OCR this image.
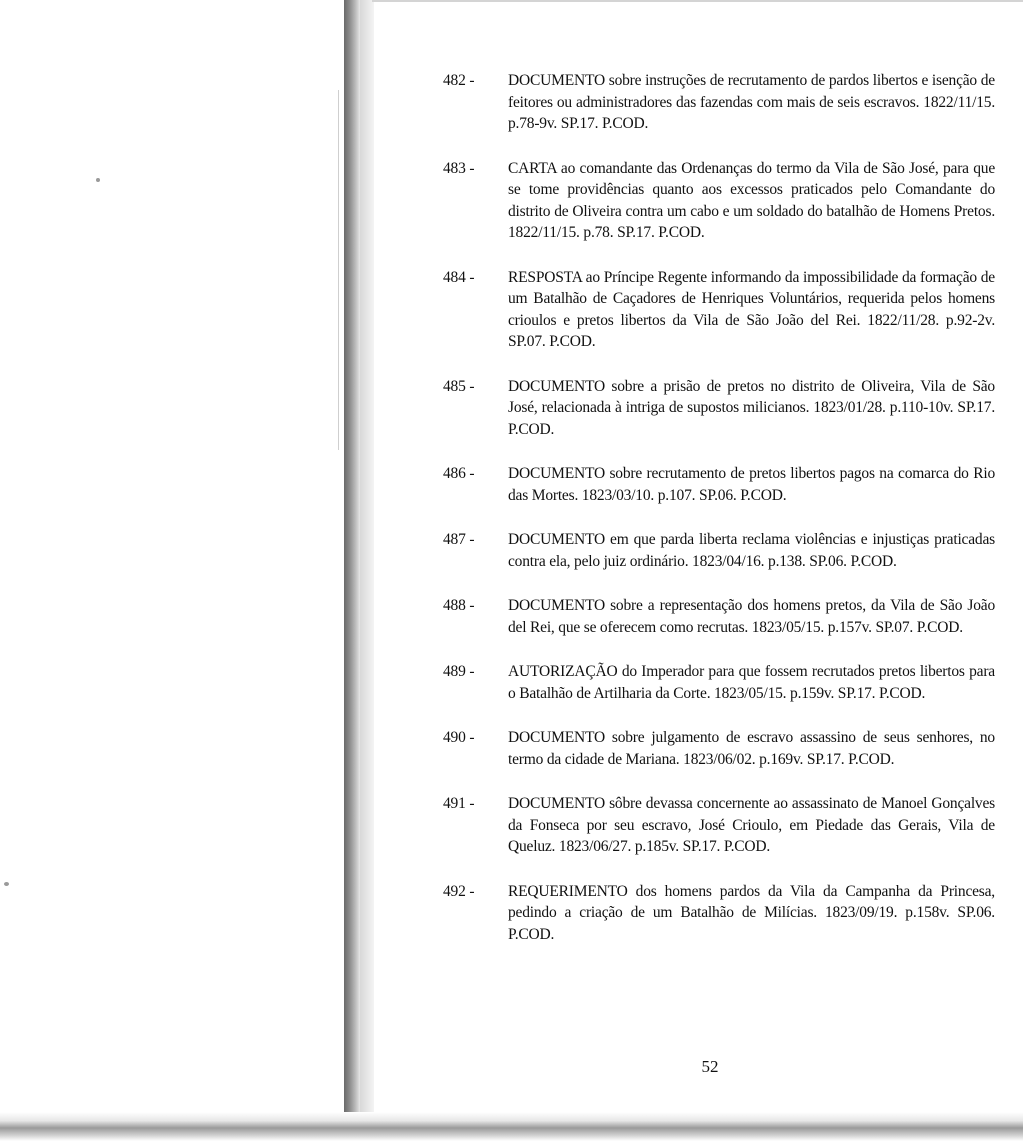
482 - DOCUMENTO sobre instruções de recrutamento de pardos libertos e isenção de feitores ou administradores das fazendas com mais de seis escravos. 1822/11/15. p.78-9v. SP.17. P.COD.
483 - CARTA ao comandante das Ordenanças do termo da Vila de São José, para que se tome providências quanto aos excessos praticados pelo Comandante do distrito de Oliveira contra um cabo e um soldado do batalhão de Homens Pretos. 1822/11/15. p.78. SP.17. P.COD.
484 - RESPOSTA ao Príncipe Regente informando da impossibilidade da formação de um Batalhão de Caçadores de Henriques Voluntários, requerida pelos homens crioulos e pretos libertos da Vila de São João del Rei. 1822/11/28. p.92-2v. SP.07. P.COD.
485 - DOCUMENTO sobre a prisão de pretos no distrito de Oliveira, Vila de São José, relacionada à intriga de supostos milicianos. 1823/01/28. p.110-10v. SP.17. P.COD.
486 - DOCUMENTO sobre recrutamento de pretos libertos pagos na comarca do Rio das Mortes. 1823/03/10. p.107. SP.06. P.COD.
487 - DOCUMENTO em que parda liberta reclama violências e injustiças praticadas contra ela, pelo juiz ordinário. 1823/04/16. p.138. SP.06. P.COD.
488 - DOCUMENTO sobre a representação dos homens pretos, da Vila de São João del Rei, que se oferecem como recrutas. 1823/05/15. p.157v. SP.07. P.COD.
489 - AUTORIZAÇÃO do Imperador para que fossem recrutados pretos libertos para o Batalhão de Artilharia da Corte. 1823/05/15. p.159v. SP.17. P.COD.
490 - DOCUMENTO sobre julgamento de escravo assassino de seus senhores, no termo da cidade de Mariana. 1823/06/02. p.169v. SP.17. P.COD.
491 - DOCUMENTO sôbre devassa concernente ao assassinato de Manoel Gonçalves da Fonseca por seu escravo, José Crioulo, em Piedade das Gerais, Vila de Queluz. 1823/06/27. p.185v. SP.17. P.COD.
492 - REQUERIMENTO dos homens pardos da Vila da Campanha da Princesa, pedindo a criação de um Batalhão de Milícias. 1823/09/19. p.158v. SP.06. P.COD.
52
